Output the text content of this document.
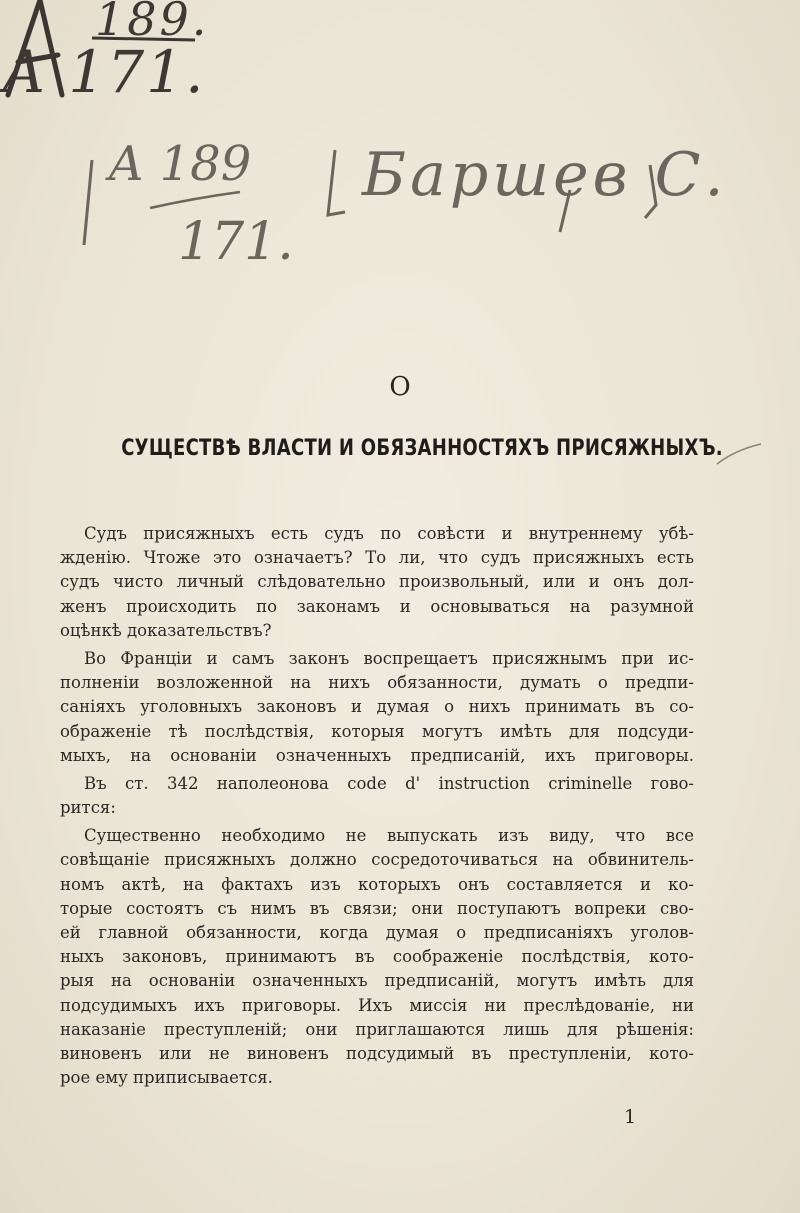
189.
А 171.
А 189
171.
Баршев С.
О
СУЩЕСТВѢ ВЛАСТИ И ОБЯЗАННОСТЯХЪ ПРИСЯЖНЫХЪ.
Судъ присяжныхъ есть судъ по совѣсти и внутреннему убѣ-
жденію. Чтоже это означаетъ? То ли, что судъ присяжныхъ есть
судъ чисто личный слѣдовательно произвольный, или и онъ дол-
женъ происходить по законамъ и основываться на разумной
оцѣнкѣ доказательствъ?
Во Франціи и самъ законъ воспрещаетъ присяжнымъ при ис-
полненіи возложенной на нихъ обязанности, думать о предпи-
саніяхъ уголовныхъ законовъ и думая о нихъ принимать въ со-
ображеніе тѣ послѣдствія, которыя могутъ имѣть для подсуди-
мыхъ, на основаніи означенныхъ предписаній, ихъ приговоры.
Въ ст. 342 наполеонова code d' instruction criminelle гово-
рится:
Существенно необходимо не выпускать изъ виду, что все
совѣщаніе присяжныхъ должно сосредоточиваться на обвинитель-
номъ актѣ, на фактахъ изъ которыхъ онъ составляется и ко-
торые состоятъ съ нимъ въ связи; они поступаютъ вопреки сво-
ей главной обязанности, когда думая о предписаніяхъ уголов-
ныхъ законовъ, принимаютъ въ соображеніе послѣдствія, кото-
рыя на основаніи означенныхъ предписаній, могутъ имѣть для
подсудимыхъ ихъ приговоры. Ихъ миссія ни преслѣдованіе, ни
наказаніе преступленій; они приглашаются лишь для рѣшенія:
виновенъ или не виновенъ подсудимый въ преступленіи, кото-
рое ему приписывается.
1
